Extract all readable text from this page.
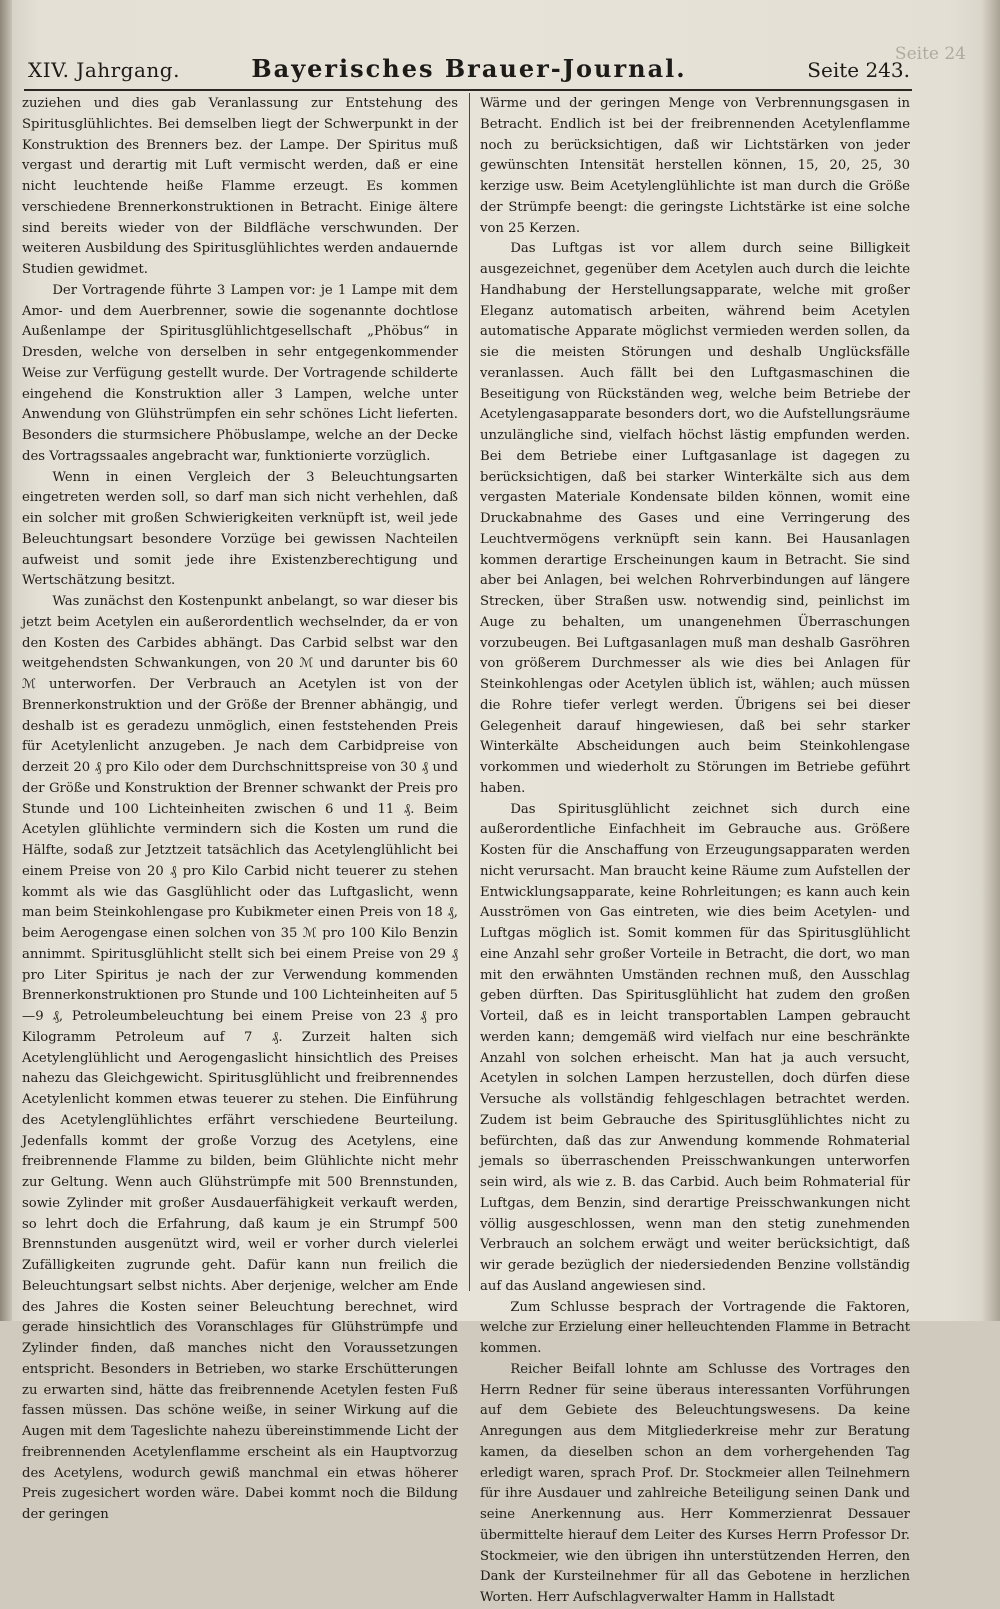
Seite 24
XIV. Jahrgang.	Bayerisches Brauer-Journal.	Seite 243.

zuziehen und dies gab Veranlassung zur Entstehung des Spiritusglühlichtes. Bei demselben liegt der Schwerpunkt in der Konstruktion des Brenners bez. der Lampe. Der Spiritus muß vergast und derartig mit Luft vermischt werden, daß er eine nicht leuchtende heiße Flamme erzeugt. Es kommen verschiedene Brennerkonstruktionen in Betracht. Einige ältere sind bereits wieder von der Bildfläche verschwunden. Der weiteren Ausbildung des Spiritusglühlichtes werden andauernde Studien gewidmet.

Der Vortragende führte 3 Lampen vor: je 1 Lampe mit dem Amor- und dem Auerbrenner, sowie die sogenannte dochtlose Außenlampe der Spiritusglühlichtgesellschaft „Phöbus“ in Dresden, welche von derselben in sehr entgegenkommender Weise zur Verfügung gestellt wurde. Der Vortragende schilderte eingehend die Konstruktion aller 3 Lampen, welche unter Anwendung von Glühstrümpfen ein sehr schönes Licht lieferten. Besonders die sturmsichere Phöbuslampe, welche an der Decke des Vortragssaales angebracht war, funktionierte vorzüglich.

Wenn in einen Vergleich der 3 Beleuchtungsarten eingetreten werden soll, so darf man sich nicht verhehlen, daß ein solcher mit großen Schwierigkeiten verknüpft ist, weil jede Beleuchtungsart besondere Vorzüge bei gewissen Nachteilen aufweist und somit jede ihre Existenzberechtigung und Wertschätzung besitzt.

Was zunächst den Kostenpunkt anbelangt, so war dieser bis jetzt beim Acetylen ein außerordentlich wechselnder, da er von den Kosten des Carbides abhängt. Das Carbid selbst war den weitgehendsten Schwankungen, von 20 ℳ und darunter bis 60 ℳ unterworfen. Der Verbrauch an Acetylen ist von der Brennerkonstruktion und der Größe der Brenner abhängig, und deshalb ist es geradezu unmöglich, einen feststehenden Preis für Acetylenlicht anzugeben. Je nach dem Carbidpreise von derzeit 20 ₰ pro Kilo oder dem Durchschnittspreise von 30 ₰ und der Größe und Konstruktion der Brenner schwankt der Preis pro Stunde und 100 Lichteinheiten zwischen 6 und 11 ₰. Beim Acetylen glühlichte vermindern sich die Kosten um rund die Hälfte, sodaß zur Jetztzeit tatsächlich das Acetylenglühlicht bei einem Preise von 20 ₰ pro Kilo Carbid nicht teuerer zu stehen kommt als wie das Gasglühlicht oder das Luftgaslicht, wenn man beim Steinkohlengase pro Kubikmeter einen Preis von 18 ₰, beim Aerogengase einen solchen von 35 ℳ pro 100 Kilo Benzin annimmt. Spiritusglühlicht stellt sich bei einem Preise von 29 ₰ pro Liter Spiritus je nach der zur Verwendung kommenden Brennerkonstruktionen pro Stunde und 100 Lichteinheiten auf 5—9 ₰, Petroleumbeleuchtung bei einem Preise von 23 ₰ pro Kilogramm Petroleum auf 7 ₰. Zurzeit halten sich Acetylenglühlicht und Aerogengaslicht hinsichtlich des Preises nahezu das Gleichgewicht. Spiritusglühlicht und freibrennendes Acetylenlicht kommen etwas teuerer zu stehen. Die Einführung des Acetylenglühlichtes erfährt verschiedene Beurteilung. Jedenfalls kommt der große Vorzug des Acetylens, eine freibrennende Flamme zu bilden, beim Glühlichte nicht mehr zur Geltung. Wenn auch Glühstrümpfe mit 500 Brennstunden, sowie Zylinder mit großer Ausdauerfähigkeit verkauft werden, so lehrt doch die Erfahrung, daß kaum je ein Strumpf 500 Brennstunden ausgenützt wird, weil er vorher durch vielerlei Zufälligkeiten zugrunde geht. Dafür kann nun freilich die Beleuchtungsart selbst nichts. Aber derjenige, welcher am Ende des Jahres die Kosten seiner Beleuchtung berechnet, wird gerade hinsichtlich des Voranschlages für Glühstrümpfe und Zylinder finden, daß manches nicht den Voraussetzungen entspricht. Besonders in Betrieben, wo starke Erschütterungen zu erwarten sind, hätte das freibrennende Acetylen festen Fuß fassen müssen. Das schöne weiße, in seiner Wirkung auf die Augen mit dem Tageslichte nahezu übereinstimmende Licht der freibrennenden Acetylenflamme erscheint als ein Hauptvorzug des Acetylens, wodurch gewiß manchmal ein etwas höherer Preis zugesichert worden wäre. Dabei kommt noch die Bildung der geringen

Wärme und der geringen Menge von Verbrennungsgasen in Betracht. Endlich ist bei der freibrennenden Acetylenflamme noch zu berücksichtigen, daß wir Lichtstärken von jeder gewünschten Intensität herstellen können, 15, 20, 25, 30 kerzige usw. Beim Acetylenglühlichte ist man durch die Größe der Strümpfe beengt: die geringste Lichtstärke ist eine solche von 25 Kerzen.

Das Luftgas ist vor allem durch seine Billigkeit ausgezeichnet, gegenüber dem Acetylen auch durch die leichte Handhabung der Herstellungsapparate, welche mit großer Eleganz automatisch arbeiten, während beim Acetylen automatische Apparate möglichst vermieden werden sollen, da sie die meisten Störungen und deshalb Unglücksfälle veranlassen. Auch fällt bei den Luftgasmaschinen die Beseitigung von Rückständen weg, welche beim Betriebe der Acetylengasapparate besonders dort, wo die Aufstellungsräume unzulängliche sind, vielfach höchst lästig empfunden werden. Bei dem Betriebe einer Luftgasanlage ist dagegen zu berücksichtigen, daß bei starker Winterkälte sich aus dem vergasten Materiale Kondensate bilden können, womit eine Druckabnahme des Gases und eine Verringerung des Leuchtvermögens verknüpft sein kann. Bei Hausanlagen kommen derartige Erscheinungen kaum in Betracht. Sie sind aber bei Anlagen, bei welchen Rohrverbindungen auf längere Strecken, über Straßen usw. notwendig sind, peinlichst im Auge zu behalten, um unangenehmen Überraschungen vorzubeugen. Bei Luftgasanlagen muß man deshalb Gasröhren von größerem Durchmesser als wie dies bei Anlagen für Steinkohlengas oder Acetylen üblich ist, wählen; auch müssen die Rohre tiefer verlegt werden. Übrigens sei bei dieser Gelegenheit darauf hingewiesen, daß bei sehr starker Winterkälte Abscheidungen auch beim Steinkohlengase vorkommen und wiederholt zu Störungen im Betriebe geführt haben.

Das Spiritusglühlicht zeichnet sich durch eine außerordentliche Einfachheit im Gebrauche aus. Größere Kosten für die Anschaffung von Erzeugungsapparaten werden nicht verursacht. Man braucht keine Räume zum Aufstellen der Entwicklungsapparate, keine Rohrleitungen; es kann auch kein Ausströmen von Gas eintreten, wie dies beim Acetylen- und Luftgas möglich ist. Somit kommen für das Spiritusglühlicht eine Anzahl sehr großer Vorteile in Betracht, die dort, wo man mit den erwähnten Umständen rechnen muß, den Ausschlag geben dürften. Das Spiritusglühlicht hat zudem den großen Vorteil, daß es in leicht transportablen Lampen gebraucht werden kann; demgemäß wird vielfach nur eine beschränkte Anzahl von solchen erheischt. Man hat ja auch versucht, Acetylen in solchen Lampen herzustellen, doch dürfen diese Versuche als vollständig fehlgeschlagen betrachtet werden. Zudem ist beim Gebrauche des Spiritusglühlichtes nicht zu befürchten, daß das zur Anwendung kommende Rohmaterial jemals so überraschenden Preisschwankungen unterworfen sein wird, als wie z. B. das Carbid. Auch beim Rohmaterial für Luftgas, dem Benzin, sind derartige Preisschwankungen nicht völlig ausgeschlossen, wenn man den stetig zunehmenden Verbrauch an solchem erwägt und weiter berücksichtigt, daß wir gerade bezüglich der niedersiedenden Benzine vollständig auf das Ausland angewiesen sind.

Zum Schlusse besprach der Vortragende die Faktoren, welche zur Erzielung einer helleuchtenden Flamme in Betracht kommen.

Reicher Beifall lohnte am Schlusse des Vortrages den Herrn Redner für seine überaus interessanten Vorführungen auf dem Gebiete des Beleuchtungswesens. Da keine Anregungen aus dem Mitgliederkreise mehr zur Beratung kamen, da dieselben schon an dem vorhergehenden Tag erledigt waren, sprach Prof. Dr. Stockmeier allen Teilnehmern für ihre Ausdauer und zahlreiche Beteiligung seinen Dank und seine Anerkennung aus. Herr Kommerzienrat Dessauer übermittelte hierauf dem Leiter des Kurses Herrn Professor Dr. Stockmeier, wie den übrigen ihn unterstützenden Herren, den Dank der Kursteilnehmer für all das Gebotene in herzlichen Worten. Herr Aufschlagverwalter Hamm in Hallstadt
